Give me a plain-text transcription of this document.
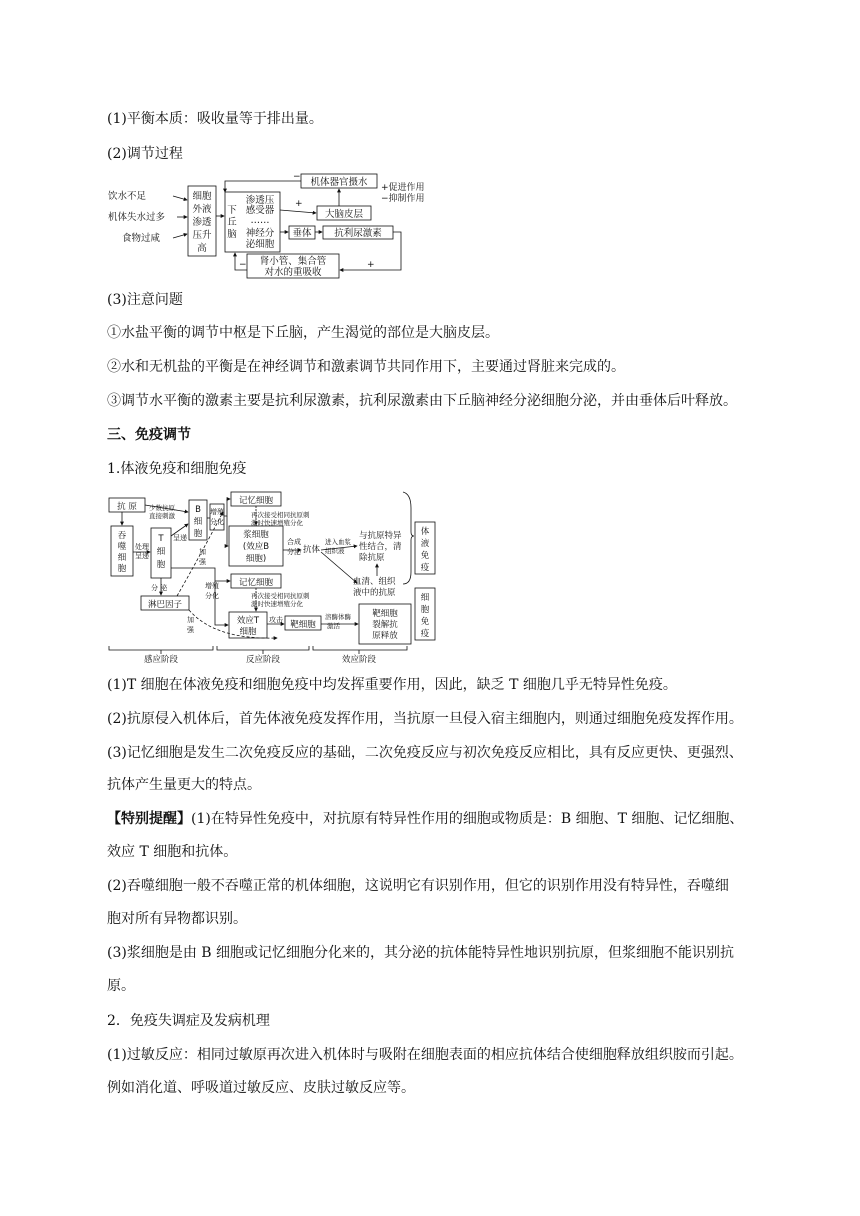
(1)平衡本质：吸收量等于排出量。
(2)调节过程
饮水不足
机体失水过多
食物过咸
细胞
外液
渗透
压升
高
下
丘
脑
渗透压
感受器
……
神经分
泌细胞
机体器官摄水 +促进作用
−抑制作用
−
大脑皮层
+
垂体 抗利尿激素
肾小管、集合管
对水的重吸收
+
−
(3)注意问题
①水盐平衡的调节中枢是下丘脑，产生渴觉的部位是大脑皮层。
②水和无机盐的平衡是在神经调节和激素调节共同作用下，主要通过肾脏来完成的。
③调节水平衡的激素主要是抗利尿激素，抗利尿激素由下丘脑神经分泌细胞分泌，并由垂体后叶释放。
三、免疫调节
1.体液免疫和细胞免疫
抗 原 少数抗原
直接刺激
吞
噬
细
胞
处理
呈递
T
细
胞
呈递
B
细
胞
增殖
分化
加
强
分 泌
淋巴因子
加
强
增殖
分化
记忆细胞
再次接受相同抗原刺
激时快速增殖分化
浆细胞
(效应B
细胞)
合成
分泌 抗体
进入血浆
组织液
与抗原特异
性结合，清
除抗原
血清、组织
液中的抗原
记忆细胞
再次接受相同抗原刺
激时快速增殖分化
效应T
细胞
攻击 靶细胞
溶酶体酶
激活
靶细胞
裂解抗
原释放
体
液
免
疫
细
胞
免
疫
感应阶段	反应阶段	效应阶段
(1)T 细胞在体液免疫和细胞免疫中均发挥重要作用，因此，缺乏 T 细胞几乎无特异性免疫。
(2)抗原侵入机体后，首先体液免疫发挥作用，当抗原一旦侵入宿主细胞内，则通过细胞免疫发挥作用。
(3)记忆细胞是发生二次免疫反应的基础，二次免疫反应与初次免疫反应相比，具有反应更快、更强烈、
抗体产生量更大的特点。
【特别提醒】(1)在特异性免疫中，对抗原有特异性作用的细胞或物质是：B 细胞、T 细胞、记忆细胞、
效应 T 细胞和抗体。
(2)吞噬细胞一般不吞噬正常的机体细胞，这说明它有识别作用，但它的识别作用没有特异性，吞噬细
胞对所有异物都识别。
(3)浆细胞是由 B 细胞或记忆细胞分化来的，其分泌的抗体能特异性地识别抗原，但浆细胞不能识别抗
原。
2．免疫失调症及发病机理
(1)过敏反应：相同过敏原再次进入机体时与吸附在细胞表面的相应抗体结合使细胞释放组织胺而引起。
例如消化道、呼吸道过敏反应、皮肤过敏反应等。
